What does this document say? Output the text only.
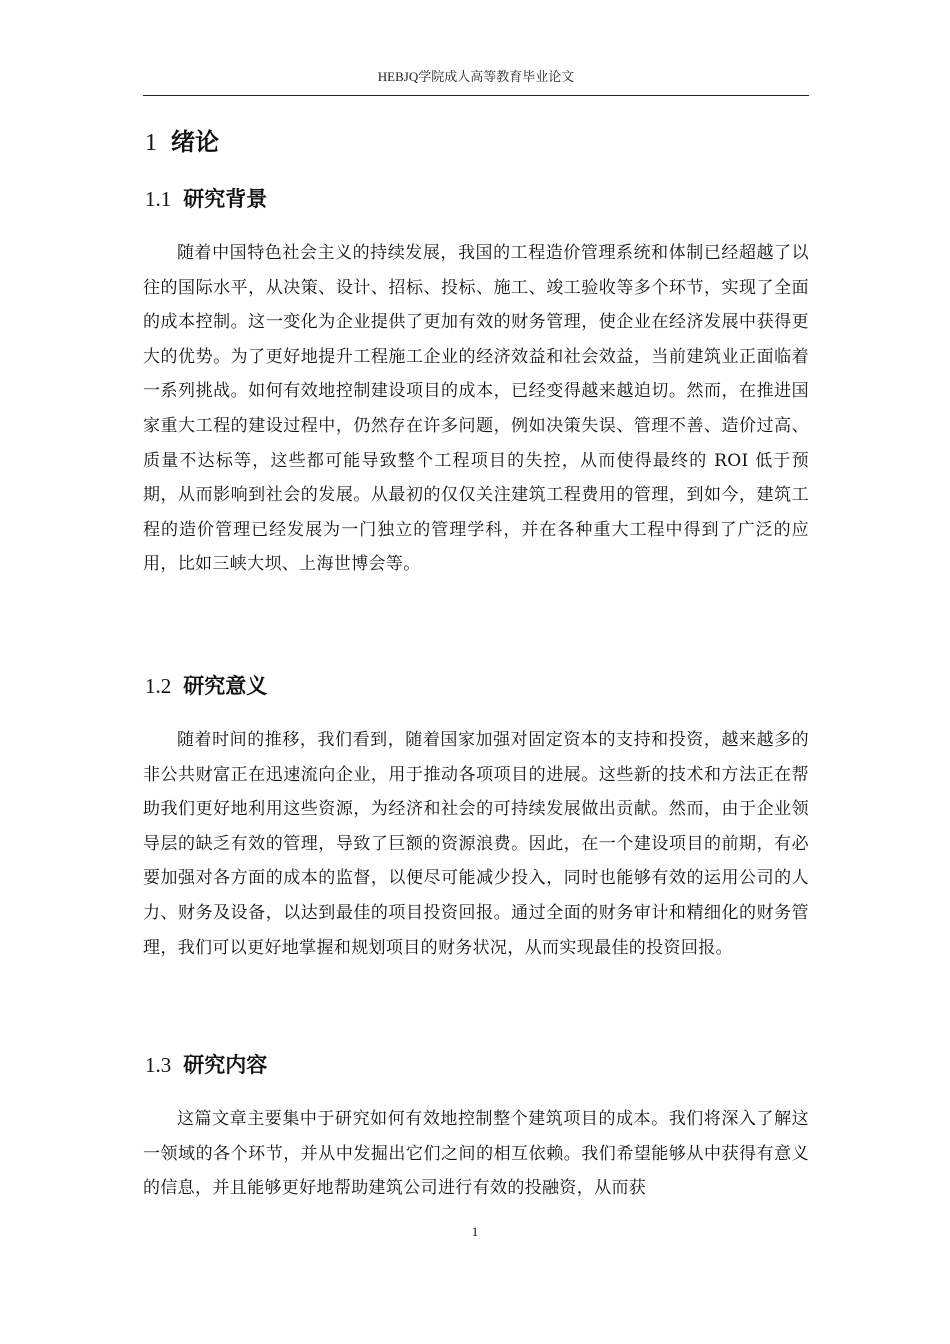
HEBJQ学院成人高等教育毕业论文
1 绪论
1.1 研究背景

随着中国特色社会主义的持续发展，我国的工程造价管理系统和体制已经超越了以往的国际水平，从决策、设计、招标、投标、施工、竣工验收等多个环节，实现了全面的成本控制。这一变化为企业提供了更加有效的财务管理，使企业在经济发展中获得更大的优势。为了更好地提升工程施工企业的经济效益和社会效益，当前建筑业正面临着一系列挑战。如何有效地控制建设项目的成本，已经变得越来越迫切。然而，在推进国家重大工程的建设过程中，仍然存在许多问题，例如决策失误、管理不善、造价过高、质量不达标等，这些都可能导致整个工程项目的失控，从而使得最终的 ROI 低于预期，从而影响到社会的发展。从最初的仅仅关注建筑工程费用的管理，到如今，建筑工程的造价管理已经发展为一门独立的管理学科，并在各种重大工程中得到了广泛的应用，比如三峡大坝、上海世博会等。

1.2 研究意义

随着时间的推移，我们看到，随着国家加强对固定资本的支持和投资，越来越多的非公共财富正在迅速流向企业，用于推动各项项目的进展。这些新的技术和方法正在帮助我们更好地利用这些资源，为经济和社会的可持续发展做出贡献。然而，由于企业领导层的缺乏有效的管理，导致了巨额的资源浪费。因此，在一个建设项目的前期，有必要加强对各方面的成本的监督，以便尽可能减少投入，同时也能够有效的运用公司的人力、财务及设备，以达到最佳的项目投资回报。通过全面的财务审计和精细化的财务管理，我们可以更好地掌握和规划项目的财务状况，从而实现最佳的投资回报。

1.3 研究内容

这篇文章主要集中于研究如何有效地控制整个建筑项目的成本。我们将深入了解这一领域的各个环节，并从中发掘出它们之间的相互依赖。我们希望能够从中获得有意义的信息，并且能够更好地帮助建筑公司进行有效的投融资，从而获

1
